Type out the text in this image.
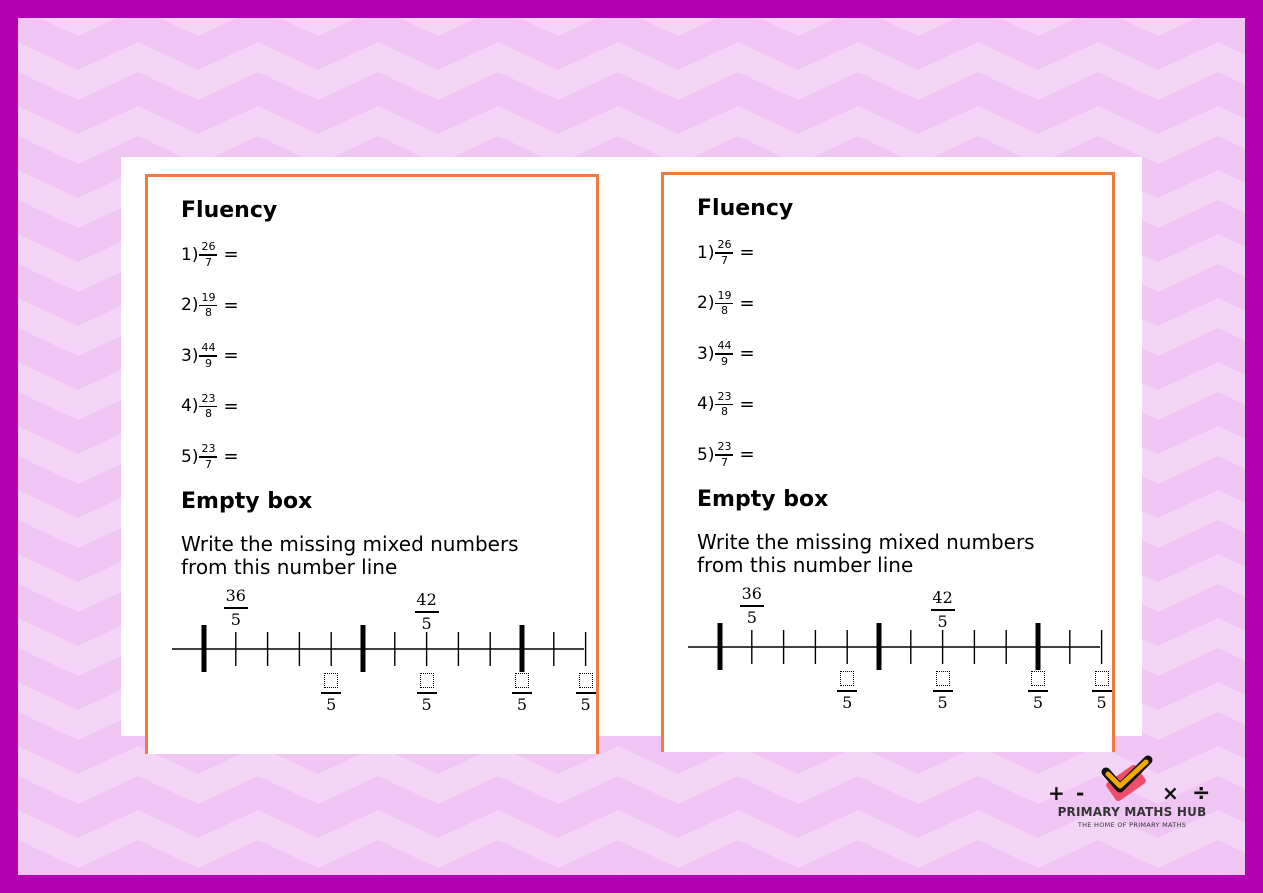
Fluency
$1) \frac{26}{7}$ =
$2) \frac{19}{8}$ =
$3) \frac{44}{9}$ =
$4) \frac{23}{8}$ =
$5) \frac{23}{7}$ =
Empty box
Write the missing mixed numbers
from this number line
36
5
42
5
5	5	5	5
Fluency
$1) \frac{26}{7}$ =
$2) \frac{19}{8}$ =
$3) \frac{44}{9}$ =
$4) \frac{23}{8}$ =
$5) \frac{23}{7}$ =
Empty box
Write the missing mixed numbers
from this number line
36
5
42
5
5	5	5	5
+ -	× ÷
PRIMARY MATHS HUB
THE HOME OF PRIMARY MATHS
